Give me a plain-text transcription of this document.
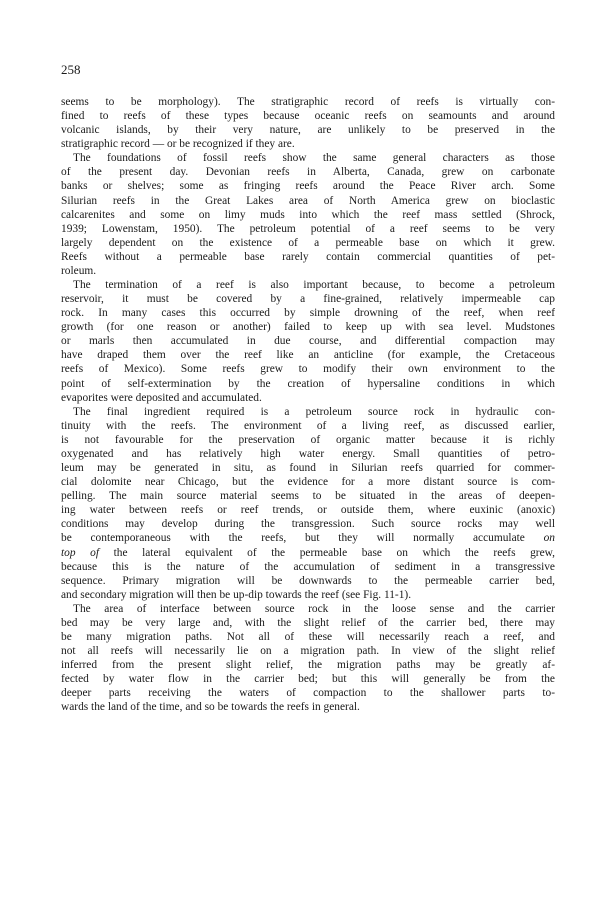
258
seems to be morphology). The stratigraphic record of reefs is virtually con-
fined to reefs of these types because oceanic reefs on seamounts and around
volcanic islands, by their very nature, are unlikely to be preserved in the
stratigraphic record — or be recognized if they are.
The foundations of fossil reefs show the same general characters as those
of the present day. Devonian reefs in Alberta, Canada, grew on carbonate
banks or shelves; some as fringing reefs around the Peace River arch. Some
Silurian reefs in the Great Lakes area of North America grew on bioclastic
calcarenites and some on limy muds into which the reef mass settled (Shrock,
1939; Lowenstam, 1950). The petroleum potential of a reef seems to be very
largely dependent on the existence of a permeable base on which it grew.
Reefs without a permeable base rarely contain commercial quantities of pet-
roleum.
The termination of a reef is also important because, to become a petroleum
reservoir, it must be covered by a fine-grained, relatively impermeable cap
rock. In many cases this occurred by simple drowning of the reef, when reef
growth (for one reason or another) failed to keep up with sea level. Mudstones
or marls then accumulated in due course, and differential compaction may
have draped them over the reef like an anticline (for example, the Cretaceous
reefs of Mexico). Some reefs grew to modify their own environment to the
point of self-extermination by the creation of hypersaline conditions in which
evaporites were deposited and accumulated.
The final ingredient required is a petroleum source rock in hydraulic con-
tinuity with the reefs. The environment of a living reef, as discussed earlier,
is not favourable for the preservation of organic matter because it is richly
oxygenated and has relatively high water energy. Small quantities of petro-
leum may be generated in situ, as found in Silurian reefs quarried for commer-
cial dolomite near Chicago, but the evidence for a more distant source is com-
pelling. The main source material seems to be situated in the areas of deepen-
ing water between reefs or reef trends, or outside them, where euxinic (anoxic)
conditions may develop during the transgression. Such source rocks may well
be contemporaneous with the reefs, but they will normally accumulate on
top of the lateral equivalent of the permeable base on which the reefs grew,
because this is the nature of the accumulation of sediment in a transgressive
sequence. Primary migration will be downwards to the permeable carrier bed,
and secondary migration will then be up-dip towards the reef (see Fig. 11-1).
The area of interface between source rock in the loose sense and the carrier
bed may be very large and, with the slight relief of the carrier bed, there may
be many migration paths. Not all of these will necessarily reach a reef, and
not all reefs will necessarily lie on a migration path. In view of the slight relief
inferred from the present slight relief, the migration paths may be greatly af-
fected by water flow in the carrier bed; but this will generally be from the
deeper parts receiving the waters of compaction to the shallower parts to-
wards the land of the time, and so be towards the reefs in general.
